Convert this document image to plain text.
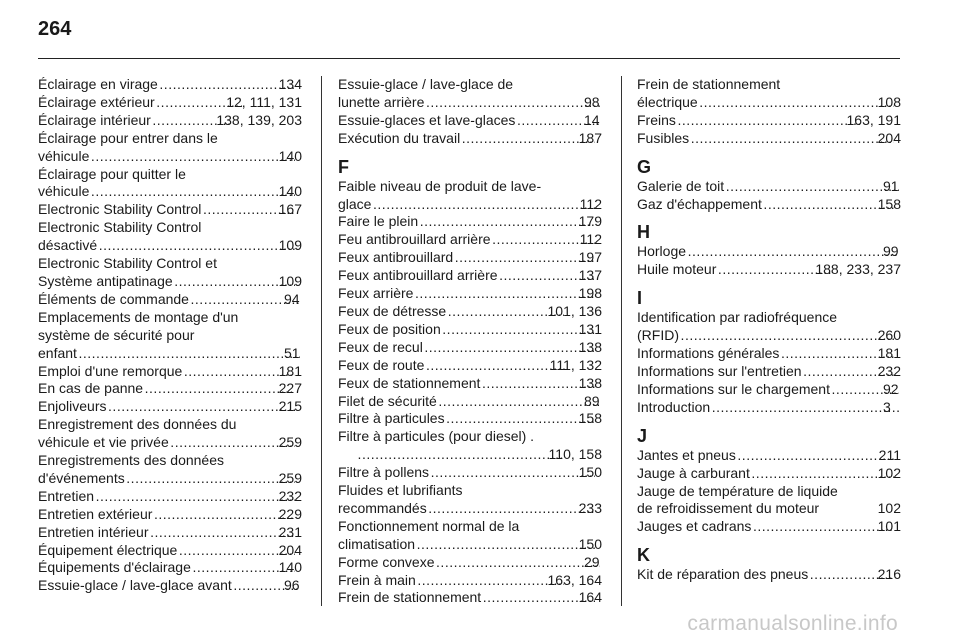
264
Éclairage en virage .....	134
Éclairage extérieur .....	12, 111, 131
Éclairage intérieur .....	138, 139, 203
Éclairage pour entrer dans le
véhicule .....	140
Éclairage pour quitter le
véhicule .....	140
Electronic Stability Control .....	167
Electronic Stability Control
désactivé .....	109
Electronic Stability Control et
Système antipatinage .....	109
Éléments de commande .....	94
Emplacements de montage d'un
système de sécurité pour
enfant .....	51
Emploi d'une remorque .....	181
En cas de panne .....	227
Enjoliveurs .....	215
Enregistrement des données du
véhicule et vie privée .....	259
Enregistrements des données
d'événements .....	259
Entretien .....	232
Entretien extérieur .....	229
Entretien intérieur .....	231
Équipement électrique .....	204
Équipements d'éclairage .....	140
Essuie-glace / lave-glace avant .....	96
Essuie-glace / lave-glace de
lunette arrière .....	98
Essuie-glaces et lave-glaces .....	14
Exécution du travail .....	187
F
Faible niveau de produit de lave-
glace .....	112
Faire le plein .....	179
Feu antibrouillard arrière .....	112
Feux antibrouillard .....	197
Feux antibrouillard arrière .....	137
Feux arrière .....	198
Feux de détresse .....	101, 136
Feux de position .....	131
Feux de recul .....	138
Feux de route .....	111, 132
Feux de stationnement .....	138
Filet de sécurité .....	89
Filtre à particules .....	158
Filtre à particules (pour diesel) .
.....
110, 158
Filtre à pollens .....	150
Fluides et lubrifiants
recommandés .....	233
Fonctionnement normal de la
climatisation .....	150
Forme convexe .....	29
Frein à main .....	163, 164
Frein de stationnement .....	164
Frein de stationnement
électrique .....	108
Freins .....	163, 191
Fusibles .....	204
G
Galerie de toit .....	91
Gaz d'échappement .....	158
H
Horloge .....	99
Huile moteur .....	188, 233, 237
I
Identification par radiofréquence
(RFID) .....	260
Informations générales .....	181
Informations sur l'entretien .....	232
Informations sur le chargement .....	92
Introduction .....	3
J
Jantes et pneus .....	211
Jauge à carburant .....	102
Jauge de température de liquide
de refroidissement du moteur	102
Jauges et cadrans .....	101
K
Kit de réparation des pneus .....	216
carmanualsonline.info
